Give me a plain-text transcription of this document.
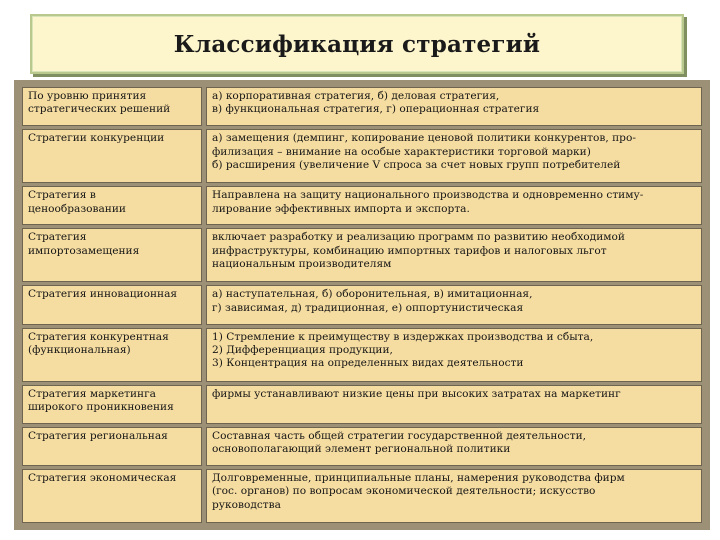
Классификация стратегий
По уровню принятия
стратегических решений	а) корпоративная стратегия, б) деловая стратегия,
в) функциональная стратегия, г) операционная стратегия
Стратегии конкуренции	а) замещения (демпинг, копирование ценовой политики конкурентов, про-
филизация – внимание на особые характеристики торговой марки)
б) расширения (увеличение V спроса за счет новых групп потребителей
Стратегия в
ценообразовании	Направлена на защиту национального производства и одновременно стиму-
лирование эффективных импорта и экспорта.
Стратегия
импортозамещения	включает разработку и реализацию программ по развитию необходимой
инфраструктуры, комбинацию импортных тарифов и налоговых льгот
национальным производителям
Стратегия инновационная	а) наступательная, б) оборонительная, в) имитационная,
г) зависимая, д) традиционная, е) оппортунистическая
Стратегия конкурентная
(функциональная)	1) Стремление к преимуществу в издержках производства и сбыта,
2) Дифференциация продукции,
3) Концентрация на определенных видах деятельности
Стратегия маркетинга
широкого проникновения	фирмы устанавливают низкие цены при высоких затратах на маркетинг
Стратегия региональная	Составная часть общей стратегии государственной деятельности,
основополагающий элемент региональной политики
Стратегия экономическая	Долговременные, принципиальные планы, намерения руководства фирм
(гос. органов) по вопросам экономической деятельности; искусство
руководства
